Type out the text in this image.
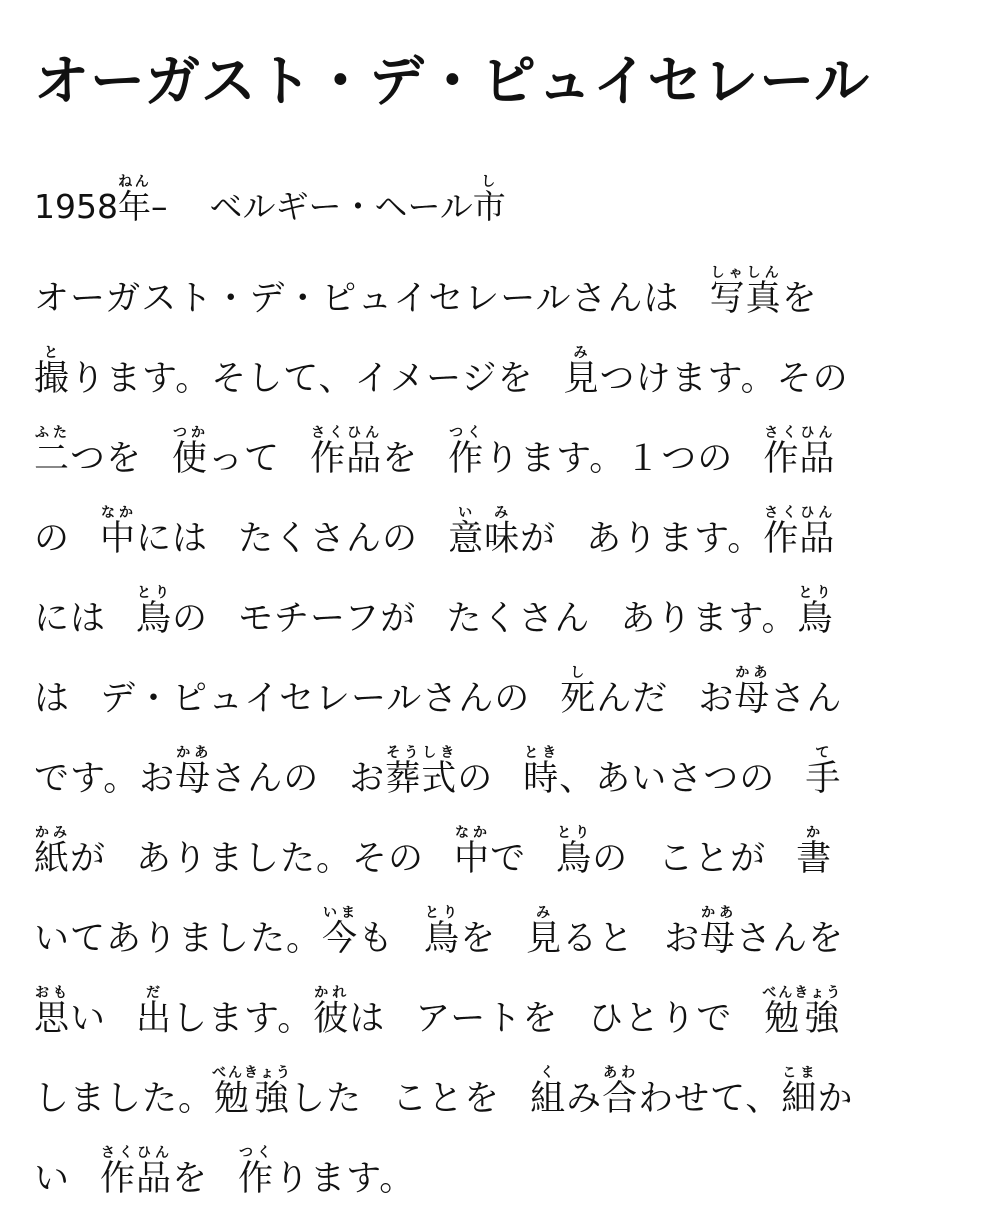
オーガスト・デ・ピュイセレール
1958年ねん– ベルギー・ヘール市し
オーガスト・デ・ピュイセレールさんは 写真しゃしんを
撮とります。そして、イメージを 見みつけます。その
二ふたつを 使つかって 作品さくひんを 作つくります。１つの 作品さくひん
の 中なかには たくさんの 意味いみが あります。作品さくひん
には 鳥とりの モチーフが たくさん あります。鳥とり
は デ・ピュイセレールさんの 死しんだ お母かあさん
です。お母かあさんの お葬式そうしきの 時とき、あいさつの 手て
紙かみが ありました。その 中なかで 鳥とりの ことが 書か
いてありました。今いまも 鳥とりを 見みると お母かあさんを
思おもい 出だします。彼かれは アートを ひとりで 勉強べんきょう
しました。勉強べんきょうした ことを 組くみ合あわわせて、細こまか
い 作品さくひんを 作つくります。
